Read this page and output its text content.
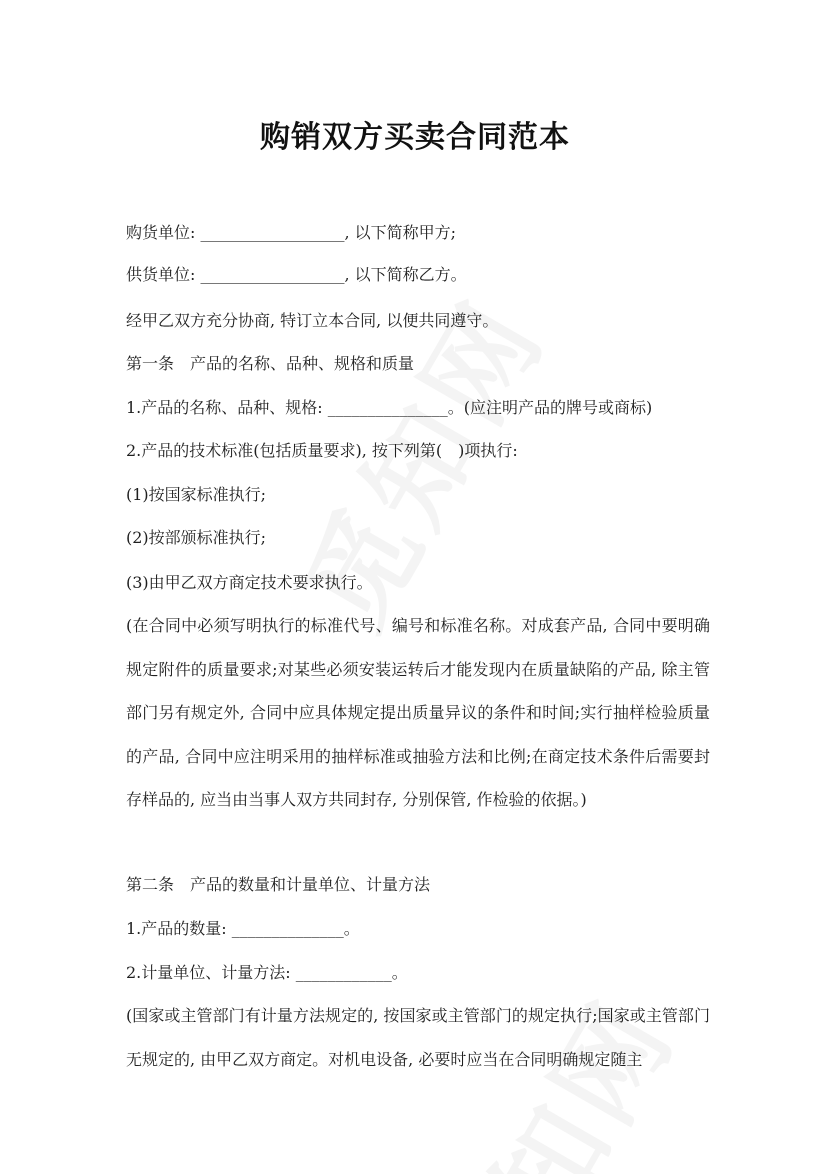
购销双方买卖合同范本
购货单位: __________________, 以下简称甲方;
供货单位: __________________, 以下简称乙方。
经甲乙双方充分协商, 特订立本合同, 以便共同遵守。
第一条　产品的名称、品种、规格和质量
1.产品的名称、品种、规格: _______________。(应注明产品的牌号或商标)
2.产品的技术标准(包括质量要求), 按下列第(　)项执行:
(1)按国家标准执行;
(2)按部颁标准执行;
(3)由甲乙双方商定技术要求执行。
(在合同中必须写明执行的标准代号、编号和标准名称。对成套产品, 合同中要明确规定附件的质量要求;对某些必须安装运转后才能发现内在质量缺陷的产品, 除主管部门另有规定外, 合同中应具体规定提出质量异议的条件和时间;实行抽样检验质量的产品, 合同中应注明采用的抽样标准或抽验方法和比例;在商定技术条件后需要封存样品的, 应当由当事人双方共同封存, 分别保管, 作检验的依据。)
第二条　产品的数量和计量单位、计量方法
1.产品的数量: ______________。
2.计量单位、计量方法: ____________。
(国家或主管部门有计量方法规定的, 按国家或主管部门的规定执行;国家或主管部门无规定的, 由甲乙双方商定。对机电设备, 必要时应当在合同明确规定随主
